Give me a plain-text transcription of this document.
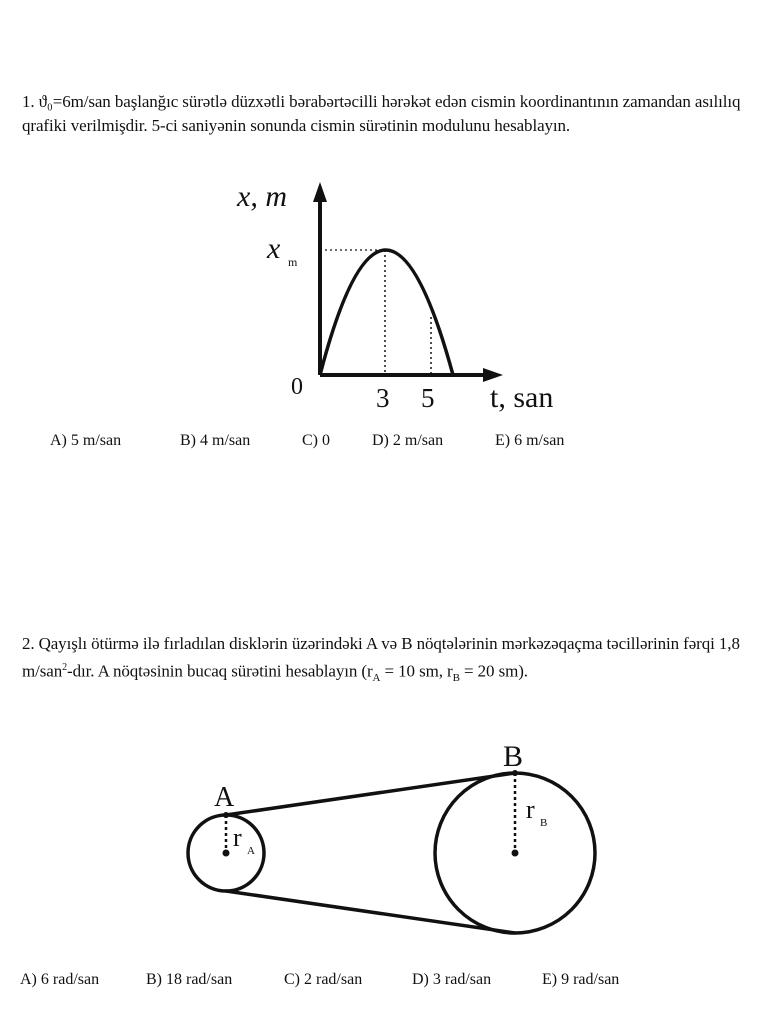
1. ϑ₀=6m/san başlanğıc sürətlə düzxətli bərabərtəcilli hərəkət edən cismin koordinantının zamandan asılılıq qrafiki verilmişdir. 5-ci saniyənin sonunda cismin sürətinin modulunu hesablayın.
x, m
x m
0	3 5 t, san
A) 5 m/san	B) 4 m/san	C) 0	D) 2 m/san	E) 6 m/san
2. Qayışlı ötürmə ilə fırladılan disklərin üzərindəki A və B nöqtələrinin mərkəzəqaçma təcillərinin fərqi 1,8 m/san$^2$-dır. A nöqtəsinin bucaq sürətini hesablayın ($r_A = 10$ sm, $r_B = 20$ sm).
A
B
r A
r B
A) 6 rad/san	B) 18 rad/san	C) 2 rad/san	D) 3 rad/san	E) 9 rad/san
